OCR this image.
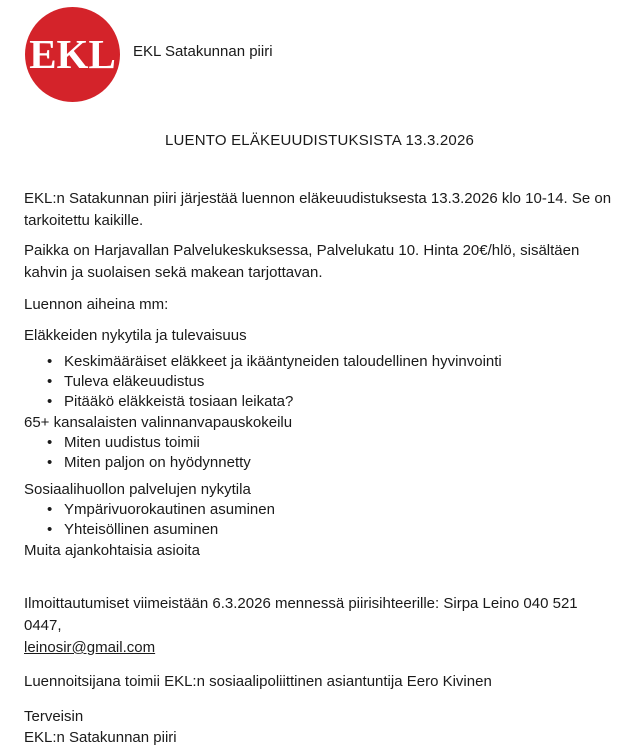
EKL EKL Satakunnan piiri
LUENTO ELÄKEUUDISTUKSISTA 13.3.2026

EKL:n Satakunnan piiri järjestää luennon eläkeuudistuksesta 13.3.2026 klo 10-14. Se on tarkoitettu kaikille.

Paikka on Harjavallan Palvelukeskuksessa, Palvelukatu 10. Hinta 20€/hlö, sisältäen kahvin ja suolaisen sekä makean tarjottavan.

Luennon aiheina mm:

Eläkkeiden nykytila ja tulevaisuus
• Keskimääräiset eläkkeet ja ikääntyneiden taloudellinen hyvinvointi
• Tuleva eläkeuudistus
• Pitääkö eläkkeistä tosiaan leikata?
65+ kansalaisten valinnanvapauskokeilu
• Miten uudistus toimii
• Miten paljon on hyödynnetty
Sosiaalihuollon palvelujen nykytila
• Ympärivuorokautinen asuminen
• Yhteisöllinen asuminen

Muita ajankohtaisia asioita

Ilmoittautumiset viimeistään 6.3.2026 mennessä piirisihteerille: Sirpa Leino 040 521 0447,
leinosir@gmail.com

Luennoitsijana toimii EKL:n sosiaalipoliittinen asiantuntija Eero Kivinen

Terveisin

EKL:n Satakunnan piiri
